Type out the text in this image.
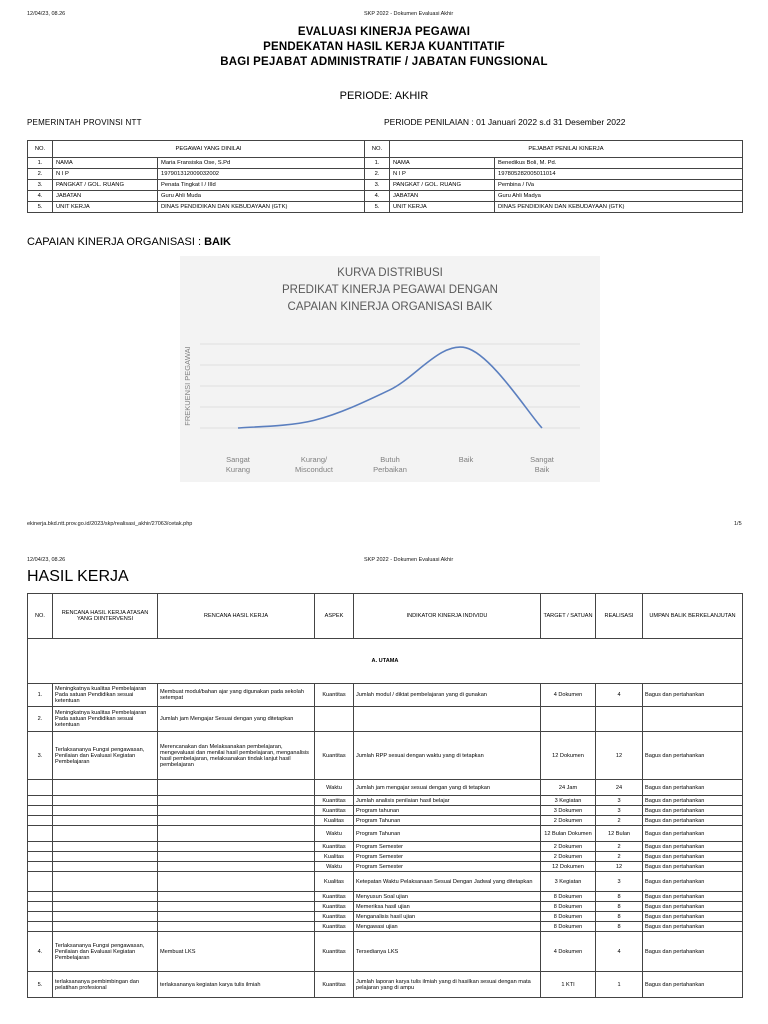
12/04/23, 08.26	SKP 2022 - Dokumen Evaluasi Akhir
EVALUASI KINERJA PEGAWAI
PENDEKATAN HASIL KERJA KUANTITATIF
BAGI PEJABAT ADMINISTRATIF / JABATAN FUNGSIONAL
PERIODE: AKHIR
PEMERINTAH PROVINSI NTT	PERIODE PENILAIAN : 01 Januari 2022 s.d 31 Desember 2022
NO.	PEGAWAI YANG DINILAI		NO.	PEJABAT PENILAI KINERJA	
1.	NAMA	Maria Fransiska Ose, S.Pd	1.	NAMA	Benedikus Boli, M. Pd.
2.	N I P	197901312009032002	2.	N I P	197805282005011014
3.	PANGKAT / GOL. RUANG	Penata Tingkat I / IIId	3.	PANGKAT / GOL. RUANG	Pembina / IVa
4.	JABATAN	Guru Ahli Muda	4.	JABATAN	Guru Ahli Madya
5.	UNIT KERJA	DINAS PENDIDIKAN DAN KEBUDAYAAN (GTK)	5.	UNIT KERJA	DINAS PENDIDIKAN DAN KEBUDAYAAN (GTK)
CAPAIAN KINERJA ORGANISASI : BAIK
KURVA DISTRIBUSI
PREDIKAT KINERJA PEGAWAI DENGAN
CAPAIAN KINERJA ORGANISASI BAIK
FREKUENSI PEGAWAI
Sangat
Kurang
Kurang/
Misconduct
Butuh
Perbaikan
Baik	Sangat
Baik
ekinerja.bkd.ntt.prov.go.id/2023/skp/realisasi_akhir/27063/cetak.php	1/5
12/04/23, 08.26	SKP 2022 - Dokumen Evaluasi Akhir
HASIL KERJA
NO.	RENCANA HASIL KERJA ATASAN YANG DIINTERVENSI	RENCANA HASIL KERJA	ASPEK	INDIKATOR KINERJA INDIVIDU	TARGET / SATUAN	REALISASI	UMPAN BALIK BERKELANJUTAN
A. UTAMA							
1.	Meningkatnya kualitas Pembelajaran Pada satuan Pendidikan sesuai ketentuan	Membuat modul/bahan ajar yang digunakan pada sekolah setempat	Kuantitas	Jumlah modul / diktat pembelajaran yang di gunakan	4 Dokumen	4	Bagus dan pertahankan
2.	Meningkatnya kualitas Pembelajaran Pada satuan Pendidikan sesuai ketentuan	Jumlah jam Mengajar Sesuai dengan yang ditetapkan					
3.	Terlaksananya Fungsi pengawasan, Penilaian dan Evaluasi Kegiatan Pembelajaran	Merencanakan dan Melaksanakan pembelajaran, mengevaluasi dan menilai hasil pembelajaran, menganalisis hasil pembelajaran, melaksanakan tindak lanjut hasil pembelajaran	Kuantitas	Jumlah RPP sesuai dengan waktu yang di tetapkan	12 Dokumen	12	Bagus dan pertahankan
			Waktu	Jumlah jam mengajar sesuai dengan yang di tetapkan	24 Jam	24	Bagus dan pertahankan
			Kuantitas	Jumlah analisis penilaian hasil belajar	3 Kegiatan	3	Bagus dan pertahankan
			Kuantitas	Program tahunan	3 Dokumen	3	Bagus dan pertahankan
			Kualitas	Program Tahunan	2 Dokumen	2	Bagus dan pertahankan
			Waktu	Program Tahunan	12 Bulan Dokumen	12 Bulan	Bagus dan pertahankan
			Kuantitas	Program Semester	2 Dokumen	2	Bagus dan pertahankan
			Kualitas	Program Semester	2 Dokumen	2	Bagus dan pertahankan
			Waktu	Program Semester	12 Dokumen	12	Bagus dan pertahankan
			Kualitas	Ketepatan Waktu Pelaksanaan Sesuai Dengan Jadwal yang ditetapkan	3 Kegiatan	3	Bagus dan pertahankan
			Kuantitas	Menyusun Soal ujian	8 Dokumen	8	Bagus dan pertahankan
			Kuantitas	Memeriksa hasil ujian	8 Dokumen	8	Bagus dan pertahankan
			Kuantitas	Menganalisis hasil ujian	8 Dokumen	8	Bagus dan pertahankan
			Kuantitas	Mengawasi ujian	8 Dokumen	8	Bagus dan pertahankan
4.	Terlaksananya Fungsi pengawasan, Penilaian dan Evaluasi Kegiatan Pembelajaran	Membuat LKS	Kuantitas	Tersedianya LKS	4 Dokumen	4	Bagus dan pertahankan
5.	terlaksananya pembimbingan dan pelatihan profesional	terlaksananya kegiatan karya tulis ilmiah	Kuantitas	Jumlah laporan karya tulis ilmiah yang di hasilkan sesuai dengan mata pelajaran yang di ampu	1 KTI	1	Bagus dan pertahankan
